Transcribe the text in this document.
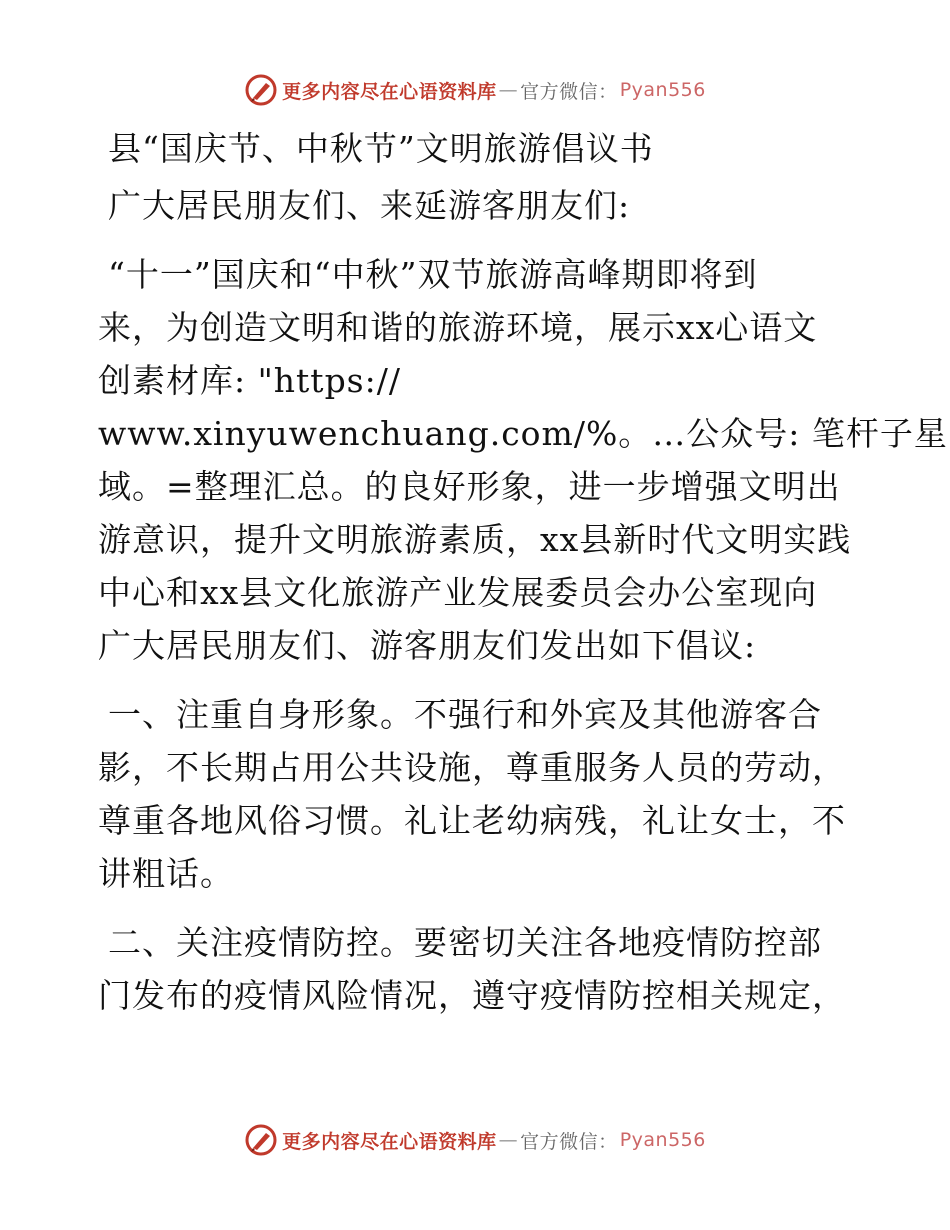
更多内容尽在心语资料库 — 官方微信： Pyan556
县“国庆节、中秋节”文明旅游倡议书
广大居民朋友们、来延游客朋友们:
“十一”国庆和“中秋”双节旅游高峰期即将到
来，为创造文明和谐的旅游环境，展示xx心语文
创素材库: "https://
www.xinyuwenchuang.com/%。…公众号: 笔杆子星
域。=整理汇总。的良好形象，进一步增强文明出
游意识，提升文明旅游素质，xx县新时代文明实践
中心和xx县文化旅游产业发展委员会办公室现向
广大居民朋友们、游客朋友们发出如下倡议:
一、注重自身形象。不强行和外宾及其他游客合
影，不长期占用公共设施，尊重服务人员的劳动，
尊重各地风俗习惯。礼让老幼病残，礼让女士，不
讲粗话。
二、关注疫情防控。要密切关注各地疫情防控部
门发布的疫情风险情况，遵守疫情防控相关规定，
更多内容尽在心语资料库 — 官方微信： Pyan556
